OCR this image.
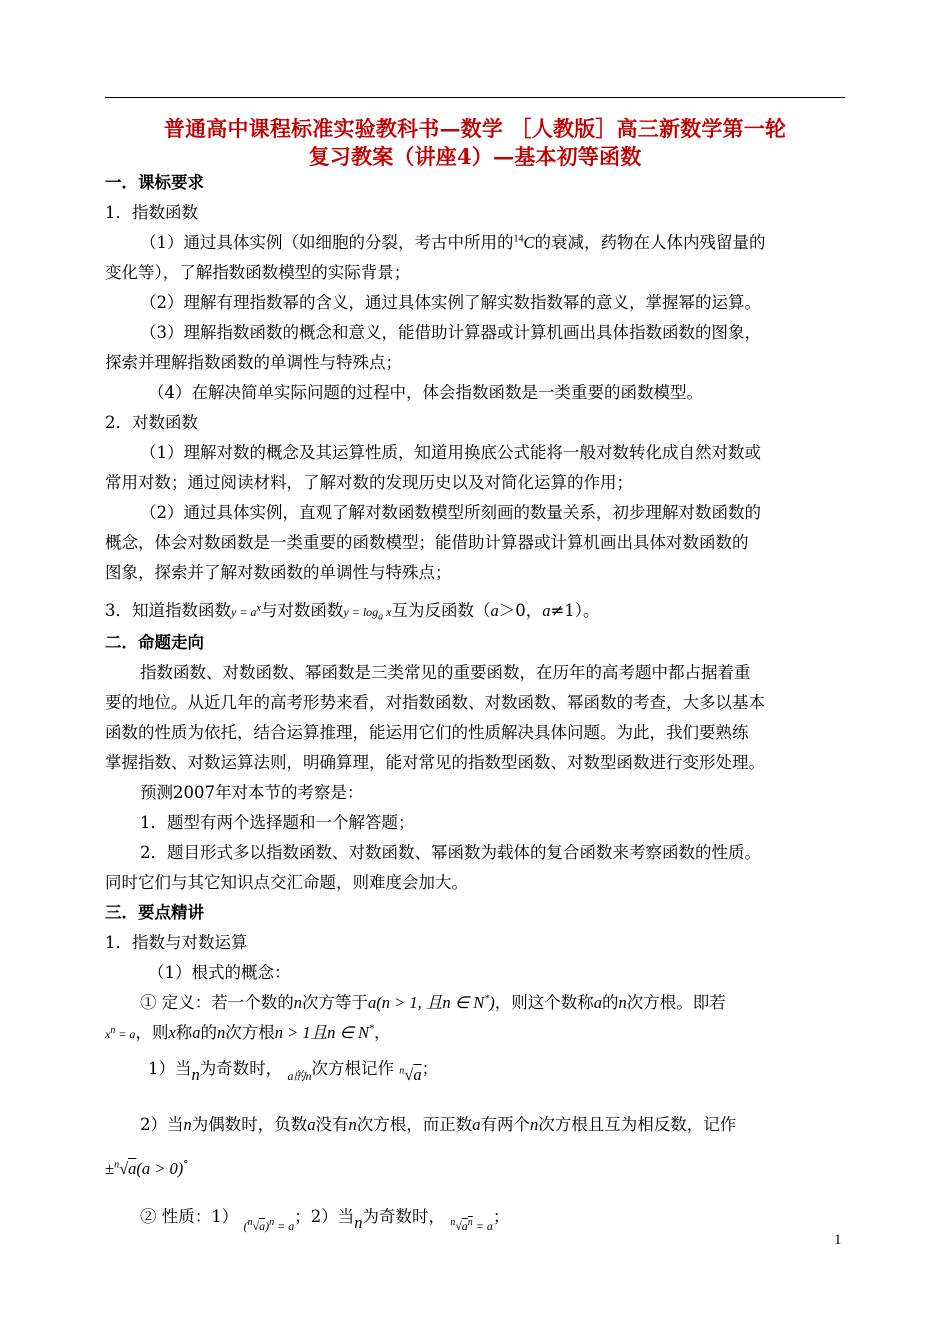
普通高中课程标准实验教科书—数学 ［人教版］高三新数学第一轮
复习教案（讲座4）—基本初等函数
一．课标要求
1．指数函数
（1）通过具体实例（如细胞的分裂，考古中所用的$^{14}$C的衰减，药物在人体内残留量的
变化等），了解指数函数模型的实际背景；
（2）理解有理指数幂的含义，通过具体实例了解实数指数幂的意义，掌握幂的运算。
（3）理解指数函数的概念和意义，能借助计算器或计算机画出具体指数函数的图象，
探索并理解指数函数的单调性与特殊点；
（4）在解决简单实际问题的过程中，体会指数函数是一类重要的函数模型。
2．对数函数
（1）理解对数的概念及其运算性质，知道用换底公式能将一般对数转化成自然对数或
常用对数；通过阅读材料，了解对数的发现历史以及对简化运算的作用；
（2）通过具体实例，直观了解对数函数模型所刻画的数量关系，初步理解对数函数的
概念，体会对数函数是一类重要的函数模型；能借助计算器或计算机画出具体对数函数的
图象，探索并了解对数函数的单调性与特殊点；
3．知道指数函数$y = a^x$与对数函数$y = \log_a x$互为反函数（a＞0，a≠1）。
二．命题走向
指数函数、对数函数、幂函数是三类常见的重要函数，在历年的高考题中都占据着重
要的地位。从近几年的高考形势来看，对指数函数、对数函数、幂函数的考查，大多以基本
函数的性质为依托，结合运算推理，能运用它们的性质解决具体问题。为此，我们要熟练
掌握指数、对数运算法则，明确算理，能对常见的指数型函数、对数型函数进行变形处理。
预测2007年对本节的考察是：
1．题型有两个选择题和一个解答题；
2．题目形式多以指数函数、对数函数、幂函数为载体的复合函数来考察函数的性质。
同时它们与其它知识点交汇命题，则难度会加大。
三．要点精讲
1．指数与对数运算
（1）根式的概念：
① 定义：若一个数的n次方等于a(n > 1, 且n ∈ N*)，则这个数称a的n次方根。即若
$x^n = a$，则x称a的n次方根n > 1且n ∈ N*，
1）当n为奇数时， $_{a的n}$次方根记作 $^n$√a；
2）当n为偶数时，负数a没有n次方根，而正数a有两个n次方根且互为相反数，记作
±$^n$√a(a > 0)°
② 性质：1） $_{(^n√a)^n = a}$；2）当n为奇数时， $_{^n√a^n = a}$；
1
